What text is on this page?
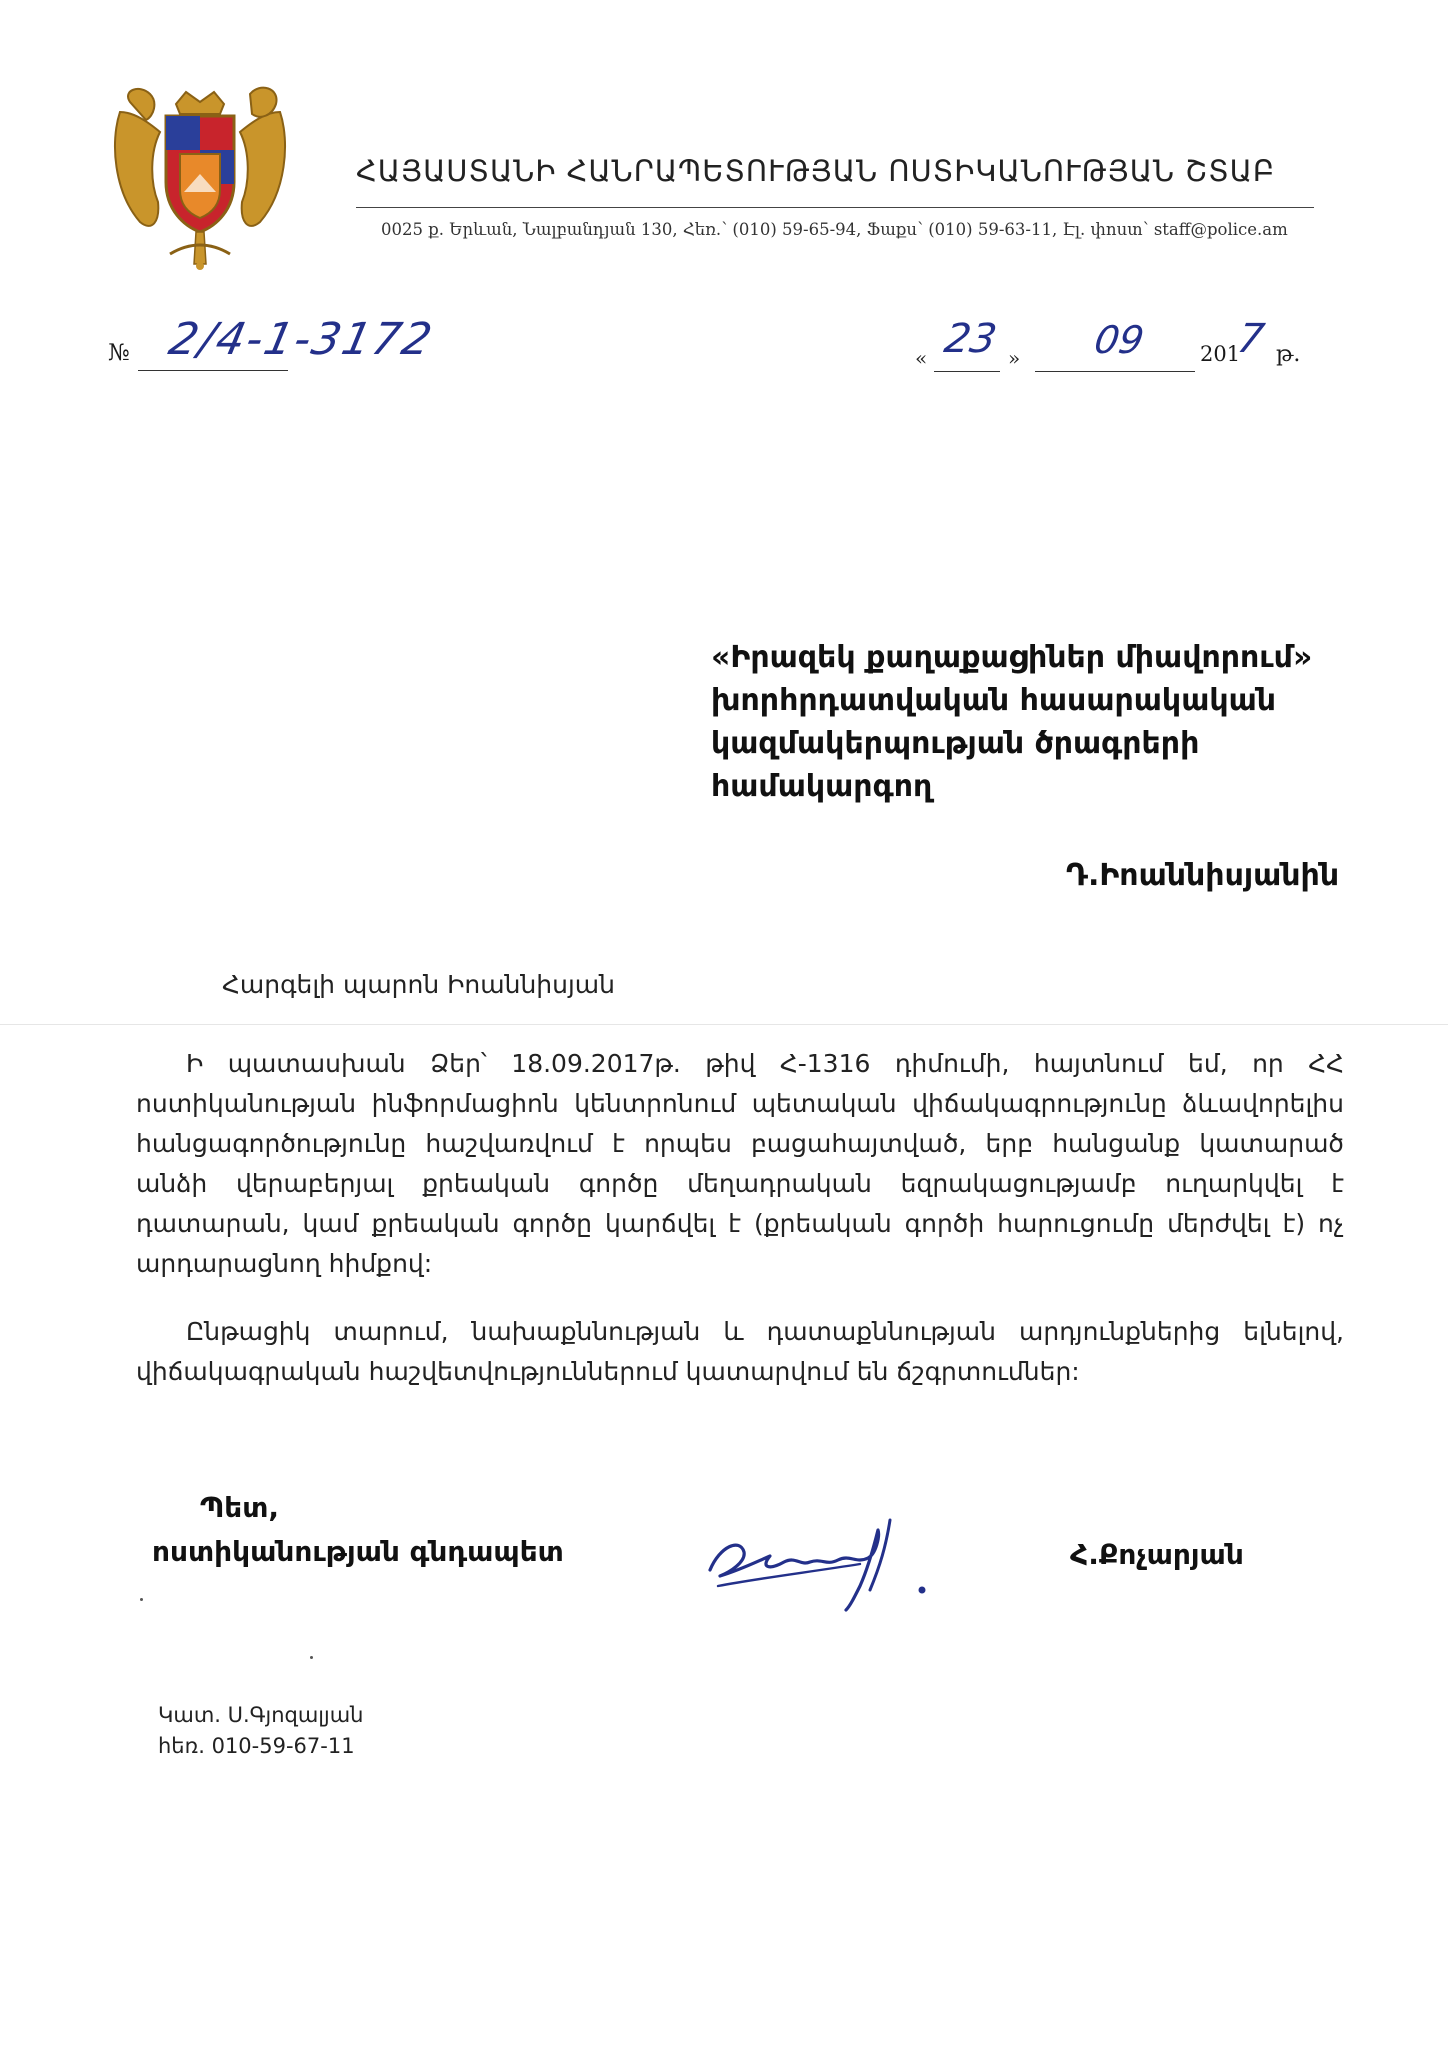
ՀԱՅԱՍՏԱՆԻ ՀԱՆՐԱՊԵՏՈՒԹՅԱՆ ՈՍՏԻԿԱՆՈՒԹՅԱՆ ՇՏԱԲ
0025 ք. Երևան, Նալբանդյան 130, Հեռ.՝ (010) 59-65-94, Ֆաքս՝ (010) 59-63-11, Էլ. փոստ՝ staff@police.am
№ 2/4-1-3172	« 23 » 09	201
7 թ.
«Իրազեկ քաղաքացիներ միավորում»
խորհրդատվական հասարակական
կազմակերպության ծրագրերի
համակարգող
Դ.Իոաննիսյանին
Հարգելի պարոն Իոաննիսյան
Ի պատասխան Ձեր՝ 18.09.2017թ. թիվ Հ-1316 դիմումի, հայտնում եմ, որ ՀՀ ոստիկանության ինֆորմացիոն կենտրոնում պետական վիճակագրությունը ձևավորելիս հանցագործությունը հաշվառվում է որպես բացահայտված, երբ հանցանք կատարած անձի վերաբերյալ քրեական գործը մեղադրական եզրակացությամբ ուղարկվել է դատարան, կամ քրեական գործը կարճվել է (քրեական գործի հարուցումը մերժվել է) ոչ արդարացնող հիմքով:
Ընթացիկ տարում, նախաքննության և դատաքննության արդյունքներից ելնելով, վիճակագրական հաշվետվություններում կատարվում են ճշգրտումներ:
Պետ,
ոստիկանության գնդապետ	Հ.Քոչարյան
Կատ. Ս.Գյոզալյան
հեռ. 010-59-67-11
